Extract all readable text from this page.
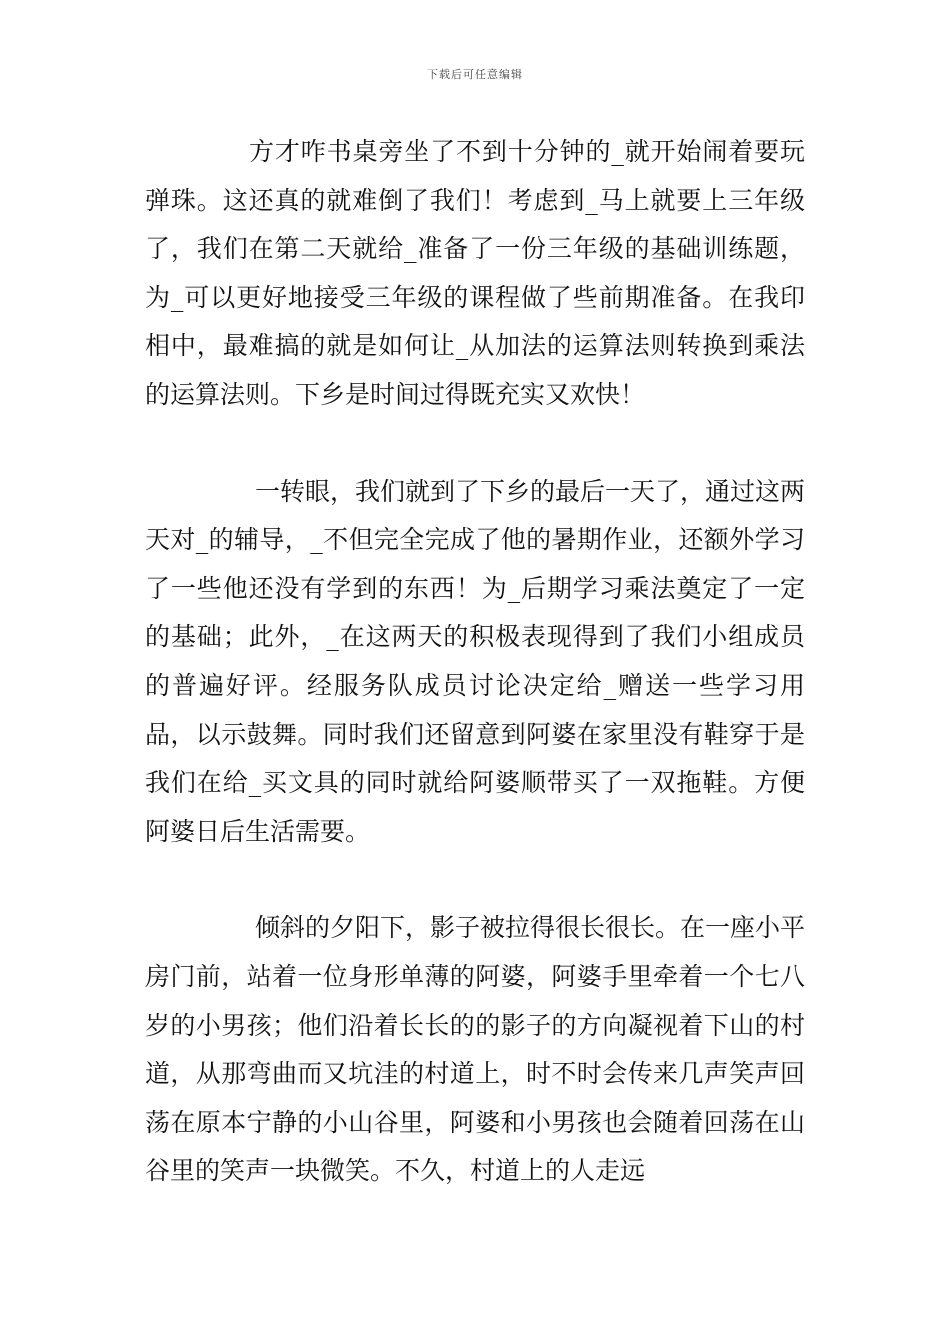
下载后可任意编辑

方才咋书桌旁坐了不到十分钟的_就开始闹着要玩弹珠。这还真的就难倒了我们！考虑到_马上就要上三年级了，我们在第二天就给_准备了一份三年级的基础训练题，为_可以更好地接受三年级的课程做了些前期准备。在我印相中，最难搞的就是如何让_从加法的运算法则转换到乘法的运算法则。下乡是时间过得既充实又欢快！

一转眼，我们就到了下乡的最后一天了，通过这两天对_的辅导，_不但完全完成了他的暑期作业，还额外学习了一些他还没有学到的东西！为_后期学习乘法奠定了一定的基础；此外，_在这两天的积极表现得到了我们小组成员的普遍好评。经服务队成员讨论决定给_赠送一些学习用品，以示鼓舞。同时我们还留意到阿婆在家里没有鞋穿于是我们在给_买文具的同时就给阿婆顺带买了一双拖鞋。方便阿婆日后生活需要。

倾斜的夕阳下，影子被拉得很长很长。在一座小平房门前，站着一位身形单薄的阿婆，阿婆手里牵着一个七八岁的小男孩；他们沿着长长的的影子的方向凝视着下山的村道，从那弯曲而又坑洼的村道上，时不时会传来几声笑声回荡在原本宁静的小山谷里，阿婆和小男孩也会随着回荡在山谷里的笑声一块微笑。不久，村道上的人走远
